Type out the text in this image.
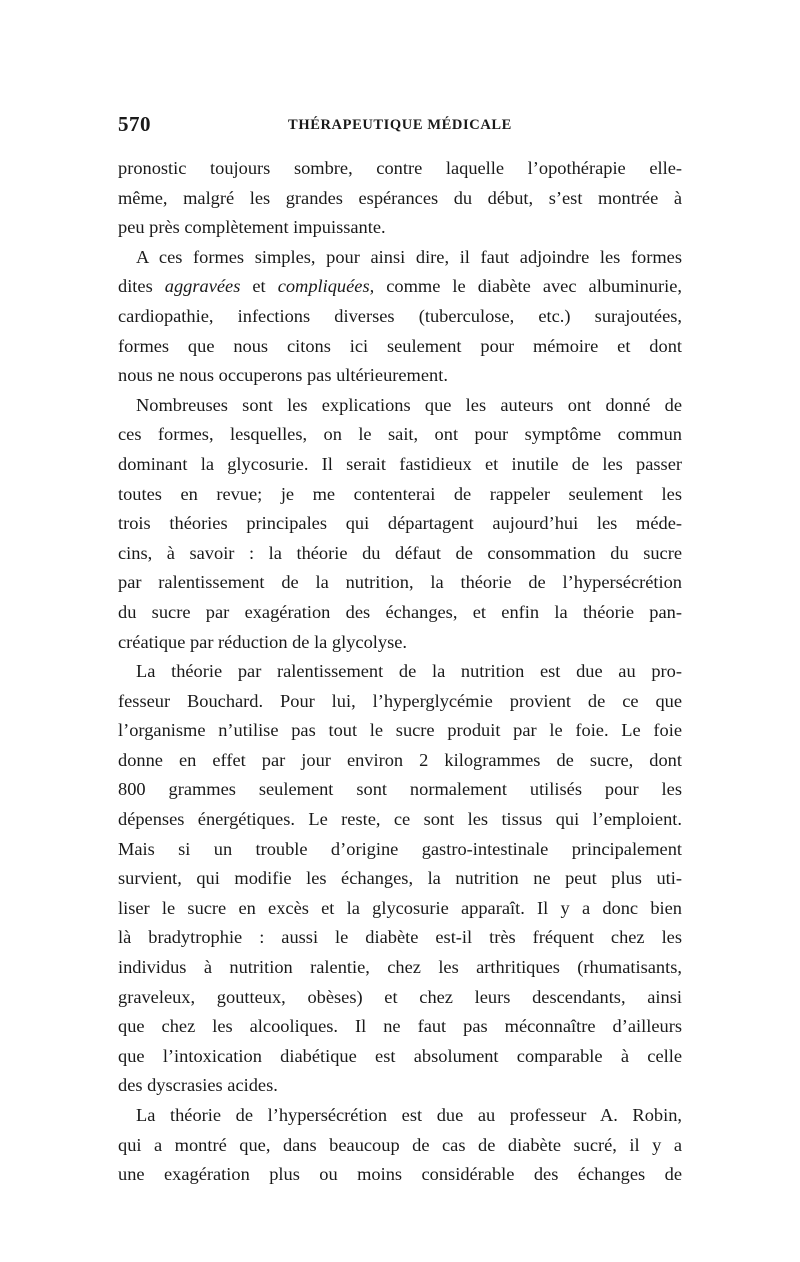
570	THÉRAPEUTIQUE MÉDICALE
pronostic toujours sombre, contre laquelle l’opothérapie elle-
même, malgré les grandes espérances du début, s’est montrée à
peu près complètement impuissante.
A ces formes simples, pour ainsi dire, il faut adjoindre les formes
dites aggravées et compliquées, comme le diabète avec albuminurie,
cardiopathie, infections diverses (tuberculose, etc.) surajoutées,
formes que nous citons ici seulement pour mémoire et dont
nous ne nous occuperons pas ultérieurement.
Nombreuses sont les explications que les auteurs ont donné de
ces formes, lesquelles, on le sait, ont pour symptôme commun
dominant la glycosurie. Il serait fastidieux et inutile de les passer
toutes en revue; je me contenterai de rappeler seulement les
trois théories principales qui départagent aujourd’hui les méde-
cins, à savoir : la théorie du défaut de consommation du sucre
par ralentissement de la nutrition, la théorie de l’hypersécrétion
du sucre par exagération des échanges, et enfin la théorie pan-
créatique par réduction de la glycolyse.
La théorie par ralentissement de la nutrition est due au pro-
fesseur Bouchard. Pour lui, l’hyperglycémie provient de ce que
l’organisme n’utilise pas tout le sucre produit par le foie. Le foie
donne en effet par jour environ 2 kilogrammes de sucre, dont
800 grammes seulement sont normalement utilisés pour les
dépenses énergétiques. Le reste, ce sont les tissus qui l’emploient.
Mais si un trouble d’origine gastro-intestinale principalement
survient, qui modifie les échanges, la nutrition ne peut plus uti-
liser le sucre en excès et la glycosurie apparaît. Il y a donc bien
là bradytrophie : aussi le diabète est-il très fréquent chez les
individus à nutrition ralentie, chez les arthritiques (rhumatisants,
graveleux, goutteux, obèses) et chez leurs descendants, ainsi
que chez les alcooliques. Il ne faut pas méconnaître d’ailleurs
que l’intoxication diabétique est absolument comparable à celle
des dyscrasies acides.
La théorie de l’hypersécrétion est due au professeur A. Robin,
qui a montré que, dans beaucoup de cas de diabète sucré, il y a
une exagération plus ou moins considérable des échanges de
